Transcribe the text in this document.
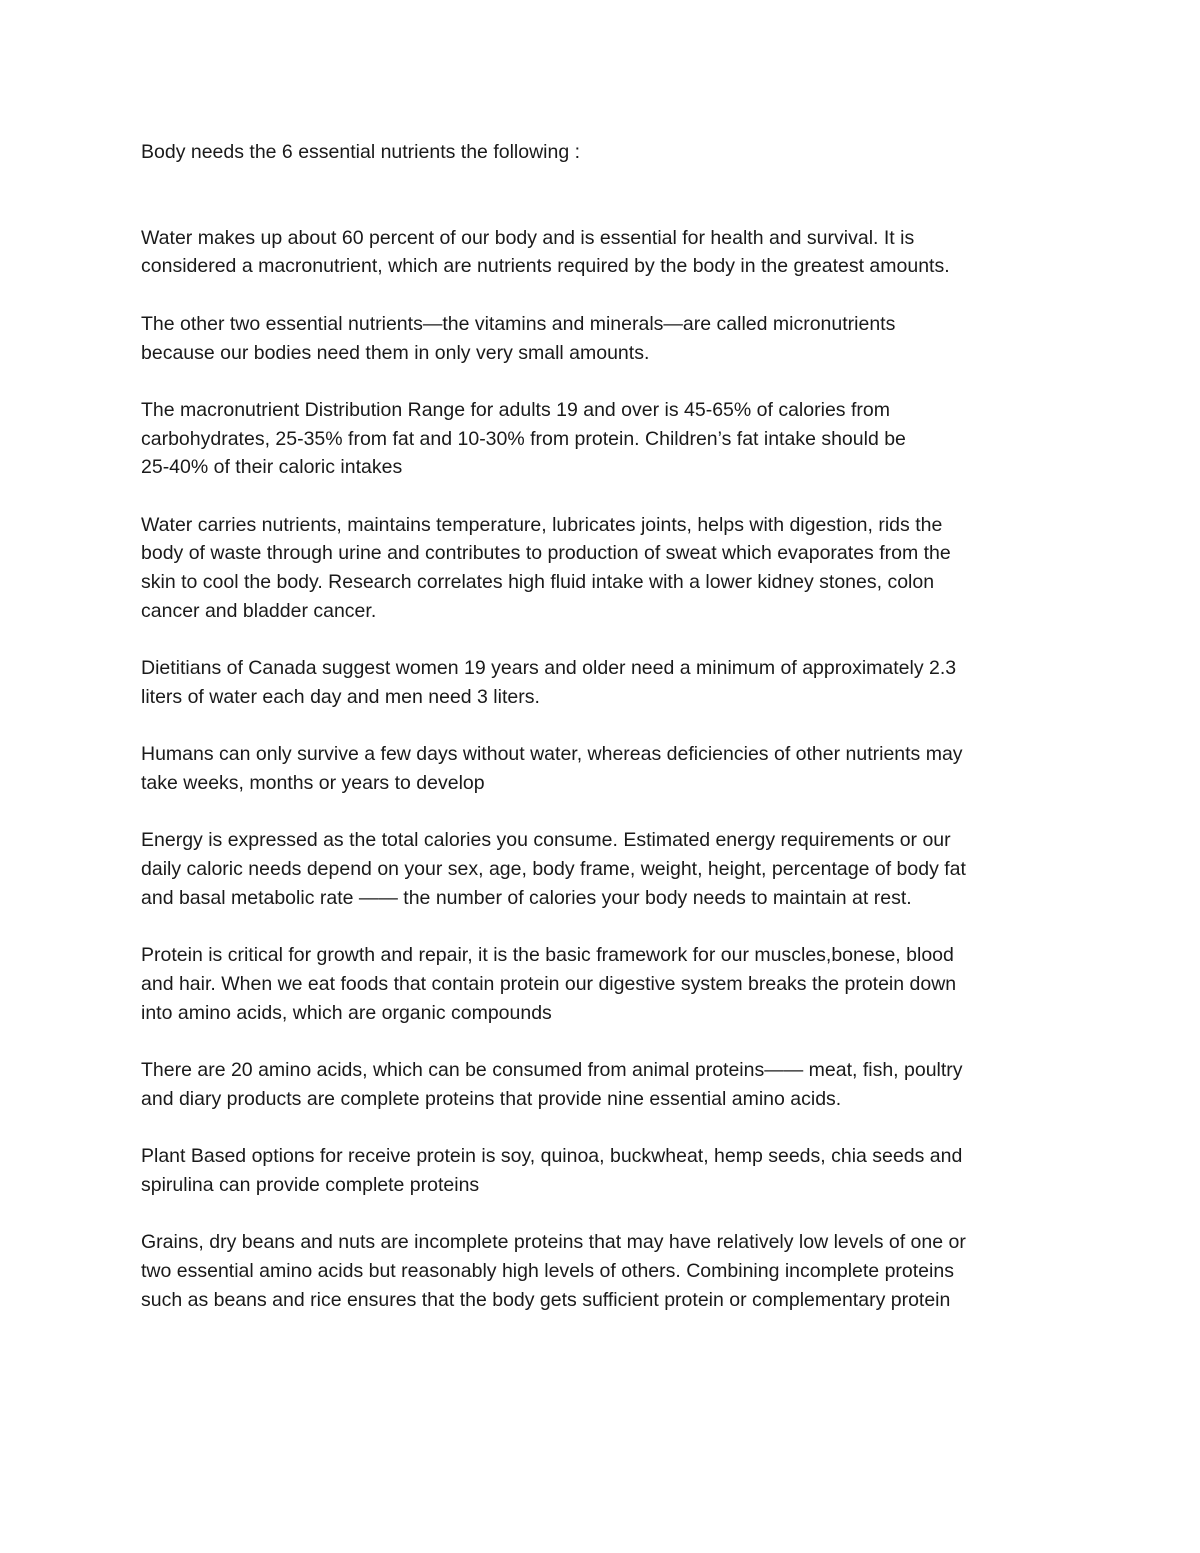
Body needs the 6 essential nutrients the following :
Water makes up about 60 percent of our body and is essential for health and survival. It is
considered a macronutrient, which are nutrients required by the body in the greatest amounts.
The other two essential nutrients—the vitamins and minerals—are called micronutrients
because our bodies need them in only very small amounts.
The macronutrient Distribution Range for adults 19 and over is 45-65% of calories from
carbohydrates, 25-35% from fat and 10-30% from protein. Children’s fat intake should be
25-40% of their caloric intakes
Water carries nutrients, maintains temperature, lubricates joints, helps with digestion, rids the
body of waste through urine and contributes to production of sweat which evaporates from the
skin to cool the body. Research correlates high fluid intake with a lower kidney stones, colon
cancer and bladder cancer.
Dietitians of Canada suggest women 19 years and older need a minimum of approximately 2.3
liters of water each day and men need 3 liters.
Humans can only survive a few days without water, whereas deficiencies of other nutrients may
take weeks, months or years to develop
Energy is expressed as the total calories you consume. Estimated energy requirements or our
daily caloric needs depend on your sex, age, body frame, weight, height, percentage of body fat
and basal metabolic rate —— the number of calories your body needs to maintain at rest.
Protein is critical for growth and repair, it is the basic framework for our muscles,bonese, blood
and hair. When we eat foods that contain protein our digestive system breaks the protein down
into amino acids, which are organic compounds
There are 20 amino acids, which can be consumed from animal proteins—— meat, fish, poultry
and diary products are complete proteins that provide nine essential amino acids.
Plant Based options for receive protein is soy, quinoa, buckwheat, hemp seeds, chia seeds and
spirulina can provide complete proteins
Grains, dry beans and nuts are incomplete proteins that may have relatively low levels of one or
two essential amino acids but reasonably high levels of others. Combining incomplete proteins
such as beans and rice ensures that the body gets sufficient protein or complementary protein
